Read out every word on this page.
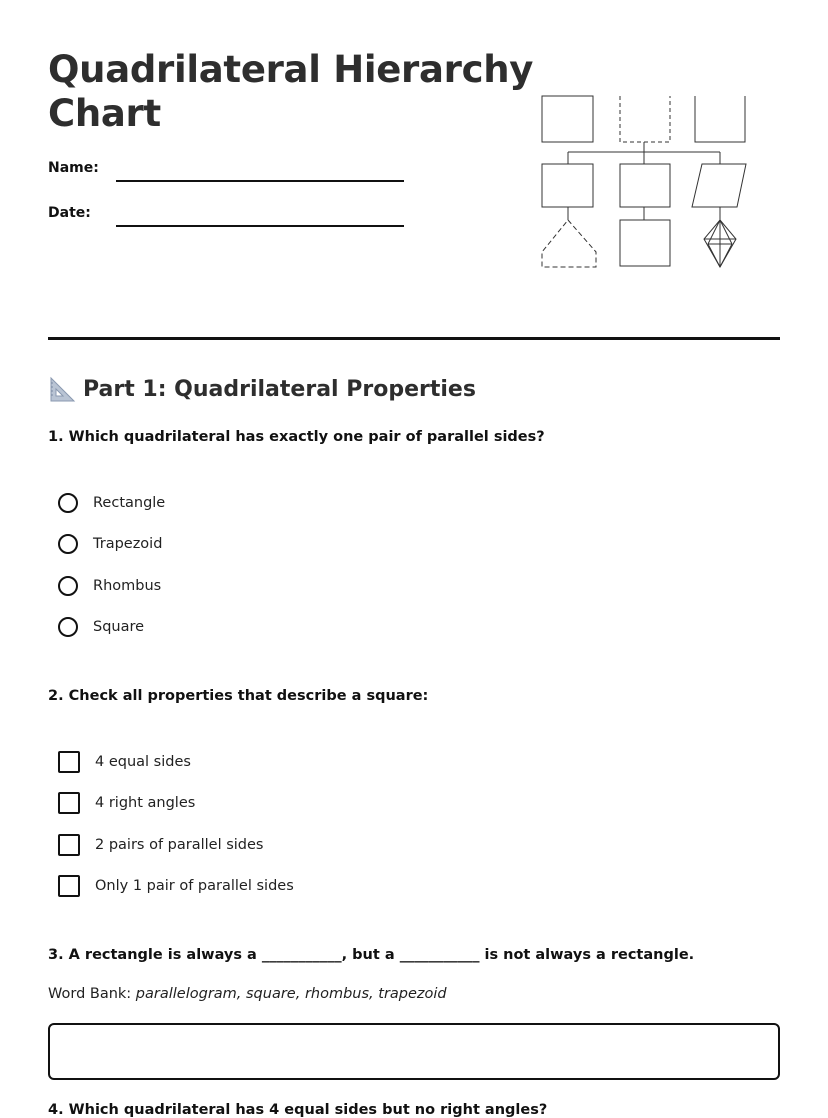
Quadrilateral Hierarchy
Chart
Name:
Date:
Part 1: Quadrilateral Properties
1. Which quadrilateral has exactly one pair of parallel sides?
Rectangle
Trapezoid
Rhombus
Square
2. Check all properties that describe a square:
4 equal sides
4 right angles
2 pairs of parallel sides
Only 1 pair of parallel sides
3. A rectangle is always a ___________, but a ___________ is not always a rectangle.
Word Bank: parallelogram, square, rhombus, trapezoid
4. Which quadrilateral has 4 equal sides but no right angles?
